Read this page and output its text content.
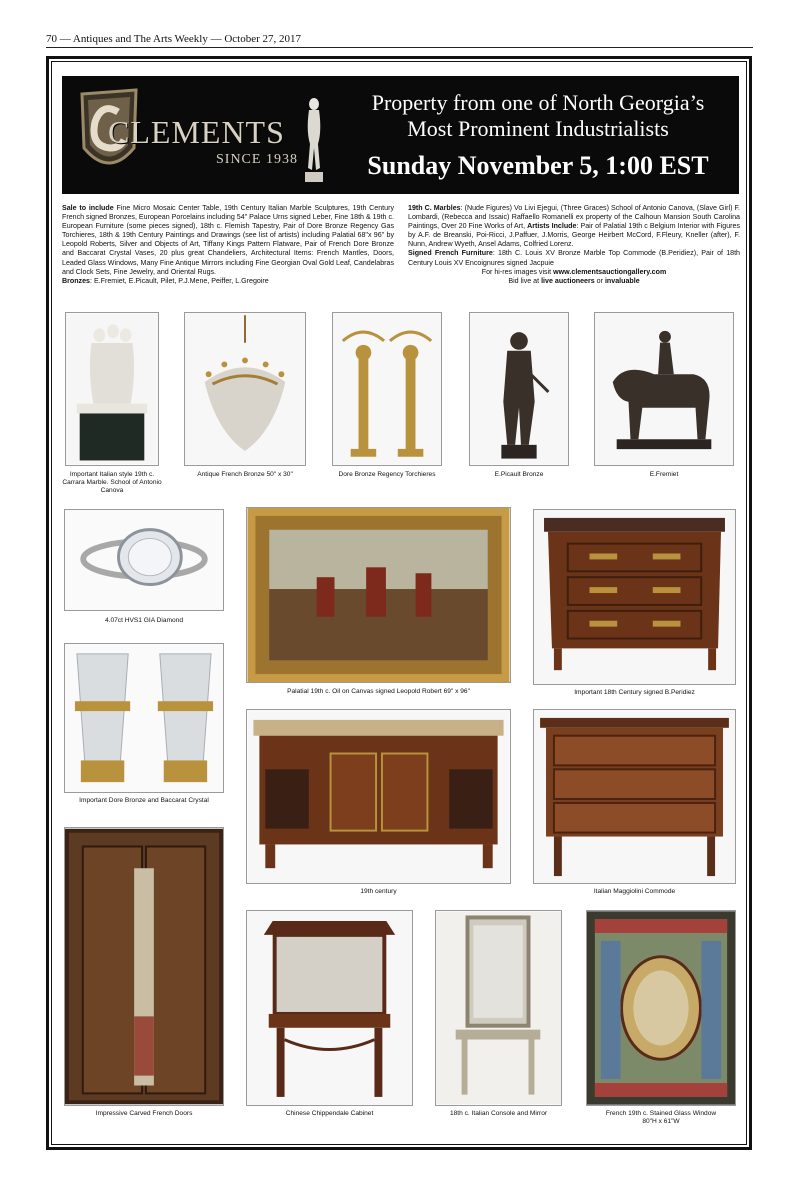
70 — Antiques and The Arts Weekly — October 27, 2017
CLEMENTS
SINCE 1938
Property from one of North Georgia’s
Most Prominent Industrialists
Sunday November 5, 1:00 EST
Sale to include Fine Micro Mosaic Center Table, 19th Century Italian Marble Sculptures, 19th Century French signed Bronzes, European Porcelains including 54" Palace Urns signed Leber, Fine 18th & 19th c. European Furniture (some pieces signed), 18th c. Flemish Tapestry, Pair of Dore Bronze Regency Gas Torchieres, 18th & 19th Century Paintings and Drawings (see list of artists) including Palatial 68"x 96" by Leopold Roberts, Silver and Objects of Art, Tiffany Kings Pattern Flatware, Pair of French Dore Bronze and Baccarat Crystal Vases, 20 plus great Chandeliers, Architectural Items: French Mantles, Doors, Leaded Glass Windows, Many Fine Antique Mirrors including Fine Georgian Oval Gold Leaf, Candelabras and Clock Sets, Fine Jewelry, and Oriental Rugs.
Bronzes: E.Fremiet, E.Picault, Pilet, P.J.Mene, Peiffer, L.Gregoire
19th C. Marbles: (Nude Figures) Vo Livi Ejegui, (Three Graces) School of Antonio Canova, (Slave Girl) F. Lombardi, (Rebecca and Issaic) Raffaello Romanelli ex property of the Calhoun Mansion South Carolina Paintings, Over 20 Fine Works of Art, Artists Include: Pair of Palatial 19th c Belgium Interior with Figures by A.F. de Breanski, Poi-Ricci, J.Paffuer, J.Morris, George Heirbert McCord, F.Fleury, Kneller (after), F. Nunn, Andrew Wyeth, Ansel Adams, Colfried Lorenz.
Signed French Furniture: 18th C. Louis XV Bronze Marble Top Commode (B.Peridiez), Pair of 18th Century Louis XV Encoignures signed Jacpuie
For hi-res images visit www.clementsauctiongallery.com
Bid live at live auctioneers or invaluable
Important Italian style 19th c. Carrara Marble. School of Antonio Canova
Antique French Bronze 50" x 30"	Dore Bronze Regency Torchieres	E.Picault Bronze	E.Fremiet
4.07ct HVS1 GIA Diamond
Palatial 19th c. Oil on Canvas signed Leopold Robert 69" x 96"	Important 18th Century signed B.Peridiez
Important Dore Bronze and Baccarat Crystal
19th century	Italian Maggiolini Commode
Impressive Carved French Doors	Chinese Chippendale Cabinet	18th c. Italian Console and Mirror	French 19th c. Stained Glass Window
80"H x 61"W
